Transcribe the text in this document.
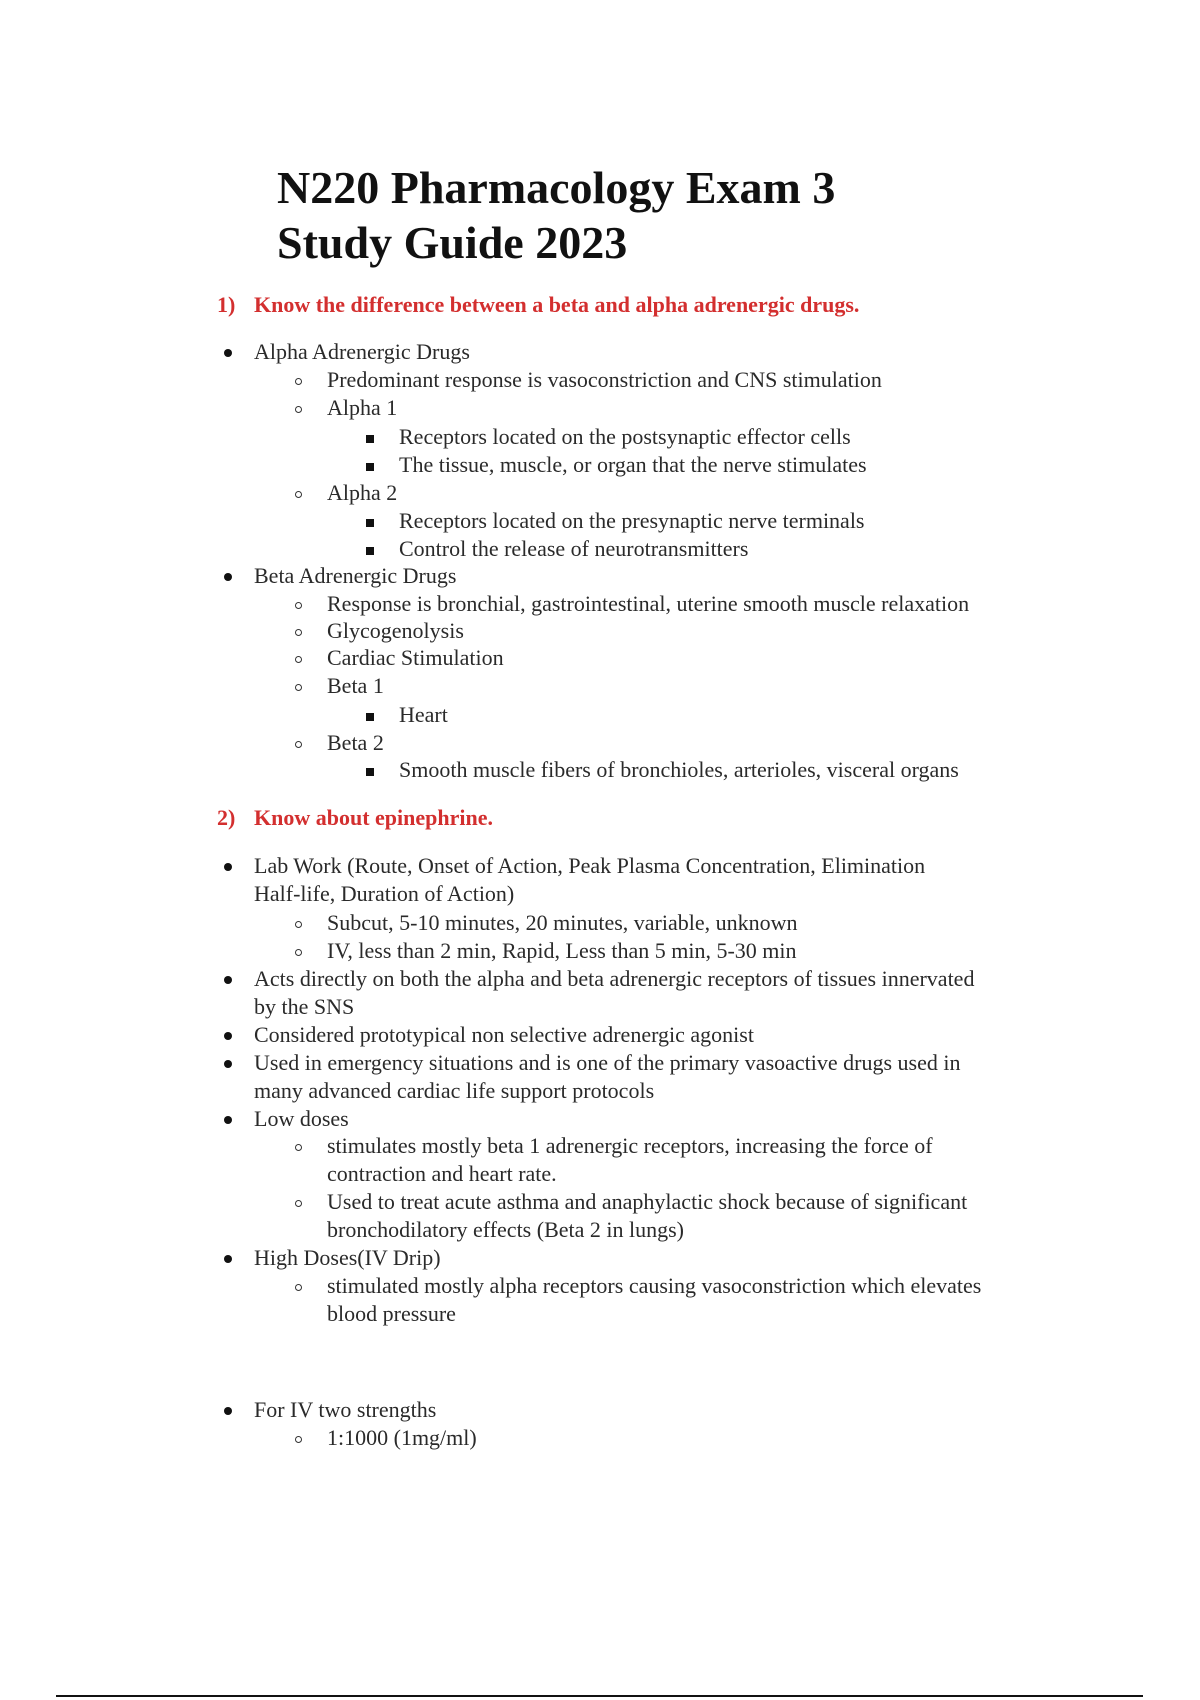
N220 Pharmacology Exam 3
Study Guide 2023
1) Know the difference between a beta and alpha adrenergic drugs.
Alpha Adrenergic Drugs
Predominant response is vasoconstriction and CNS stimulation
Alpha 1
Receptors located on the postsynaptic effector cells
The tissue, muscle, or organ that the nerve stimulates
Alpha 2
Receptors located on the presynaptic nerve terminals
Control the release of neurotransmitters
Beta Adrenergic Drugs
Response is bronchial, gastrointestinal, uterine smooth muscle relaxation
Glycogenolysis
Cardiac Stimulation
Beta 1
Heart
Beta 2
Smooth muscle fibers of bronchioles, arterioles, visceral organs
2) Know about epinephrine.
Lab Work (Route, Onset of Action, Peak Plasma Concentration, Elimination
Half-life, Duration of Action)
Subcut, 5-10 minutes, 20 minutes, variable, unknown
IV, less than 2 min, Rapid, Less than 5 min, 5-30 min
Acts directly on both the alpha and beta adrenergic receptors of tissues innervated
by the SNS
Considered prototypical non selective adrenergic agonist
Used in emergency situations and is one of the primary vasoactive drugs used in
many advanced cardiac life support protocols
Low doses
stimulates mostly beta 1 adrenergic receptors, increasing the force of
contraction and heart rate.
Used to treat acute asthma and anaphylactic shock because of significant
bronchodilatory effects (Beta 2 in lungs)
High Doses(IV Drip)
stimulated mostly alpha receptors causing vasoconstriction which elevates
blood pressure
For IV two strengths
1:1000 (1mg/ml)
